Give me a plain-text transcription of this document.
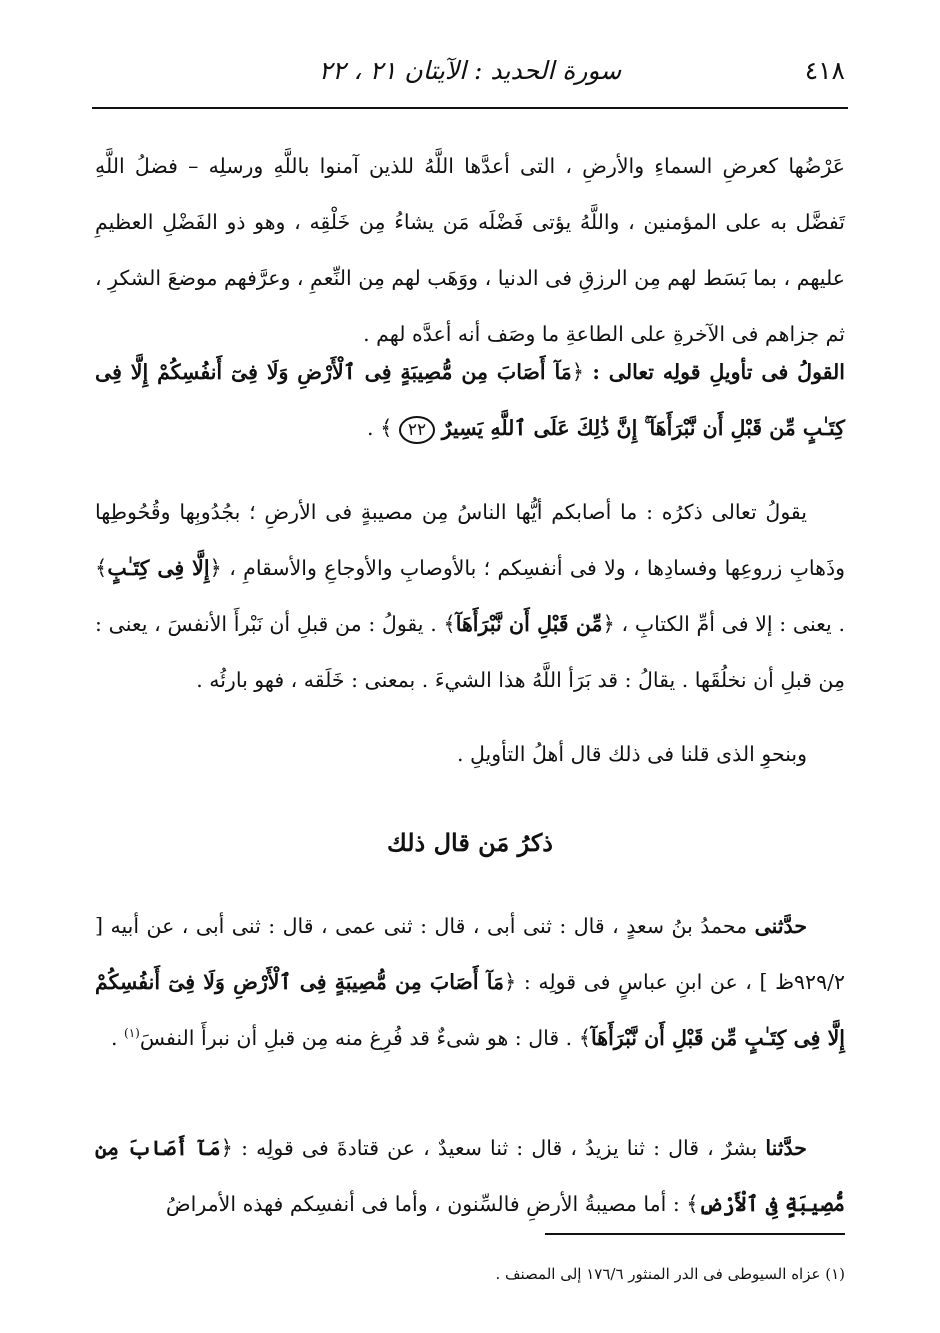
٤١٨
سورة الحديد : الآيتان ٢١ ، ٢٢

عَرْضُها كعرضِ السماءِ والأرضِ ، التى أعدَّها اللَّهُ للذين آمنوا باللَّهِ ورسلِه – فضلُ اللَّهِ تَفضَّل به على المؤمنين ، واللَّهُ يؤتى فَضْلَه مَن يشاءُ مِن خَلْقِه ، وهو ذو الفَضْلِ العظيمِ عليهم ، بما بَسَط لهم مِن الرزقِ فى الدنيا ، ووَهَب لهم مِن النِّعمِ ، وعرَّفهم موضعَ الشكرِ ، ثم جزاهم فى الآخرةِ على الطاعةِ ما وصَف أنه أعدَّه لهم .

القولُ فى تأويلِ قولِه تعالى : ﴿مَآ أَصَابَ مِن مُّصِيبَةٍ فِى ٱلْأَرْضِ وَلَا فِىٓ أَنفُسِكُمْ إِلَّا فِى كِتَـٰبٍ مِّن قَبْلِ أَن نَّبْرَأَهَآ ۚ إِنَّ ذَٰلِكَ عَلَى ٱللَّهِ يَسِيرٌ ٢٢ ﴾ .

يقولُ تعالى ذكرُه : ما أصابكم أيُّها الناسُ مِن مصيبةٍ فى الأرضِ ؛ بجُدُوبِها وقُحُوطِها وذَهابِ زروعِها وفسادِها ، ولا فى أنفسِكم ؛ بالأوصابِ والأوجاعِ والأسقامِ ، ﴿إِلَّا فِى كِتَـٰبٍ﴾ . يعنى : إلا فى أمِّ الكتابِ ، ﴿مِّن قَبْلِ أَن نَّبْرَأَهَآ﴾ . يقولُ : من قبلِ أن نَبْرأَ الأنفسَ ، يعنى : مِن قبلِ أن نخلُقَها . يقالُ : قد بَرَأ اللَّهُ هذا الشيءَ . بمعنى : خَلَقه ، فهو بارئُه .

وبنحوِ الذى قلنا فى ذلك قال أهلُ التأويلِ .

ذكرُ مَن قال ذلك

حدَّثنى محمدُ بنُ سعدٍ ، قال : ثنى أبى ، قال : ثنى عمى ، قال : ثنى أبى ، عن أبيه [ ٩٢٩/٢ظ ] ، عن ابنِ عباسٍ فى قولِه : ﴿مَآ أَصَابَ مِن مُّصِيبَةٍ فِى ٱلْأَرْضِ وَلَا فِىٓ أَنفُسِكُمْ إِلَّا فِى كِتَـٰبٍ مِّن قَبْلِ أَن نَّبْرَأَهَآ﴾ . قال : هو شىءٌ قد فُرِغ منه مِن قبلِ أن نبرأَ النفسَ$^{(١)}$ .

حدَّثنا بشرٌ ، قال : ثنا يزيدُ ، قال : ثنا سعيدٌ ، عن قتادةَ فى قولِه : ﴿مَآ أَصَابَ مِن مُّصِيبَةٍ فِى ٱلْأَرْضِ﴾ : أما مصيبةُ الأرضِ فالسِّنون ، وأما فى أنفسِكم فهذه الأمراضُ

(١) عزاه السيوطى فى الدر المنثور ١٧٦/٦ إلى المصنف .
